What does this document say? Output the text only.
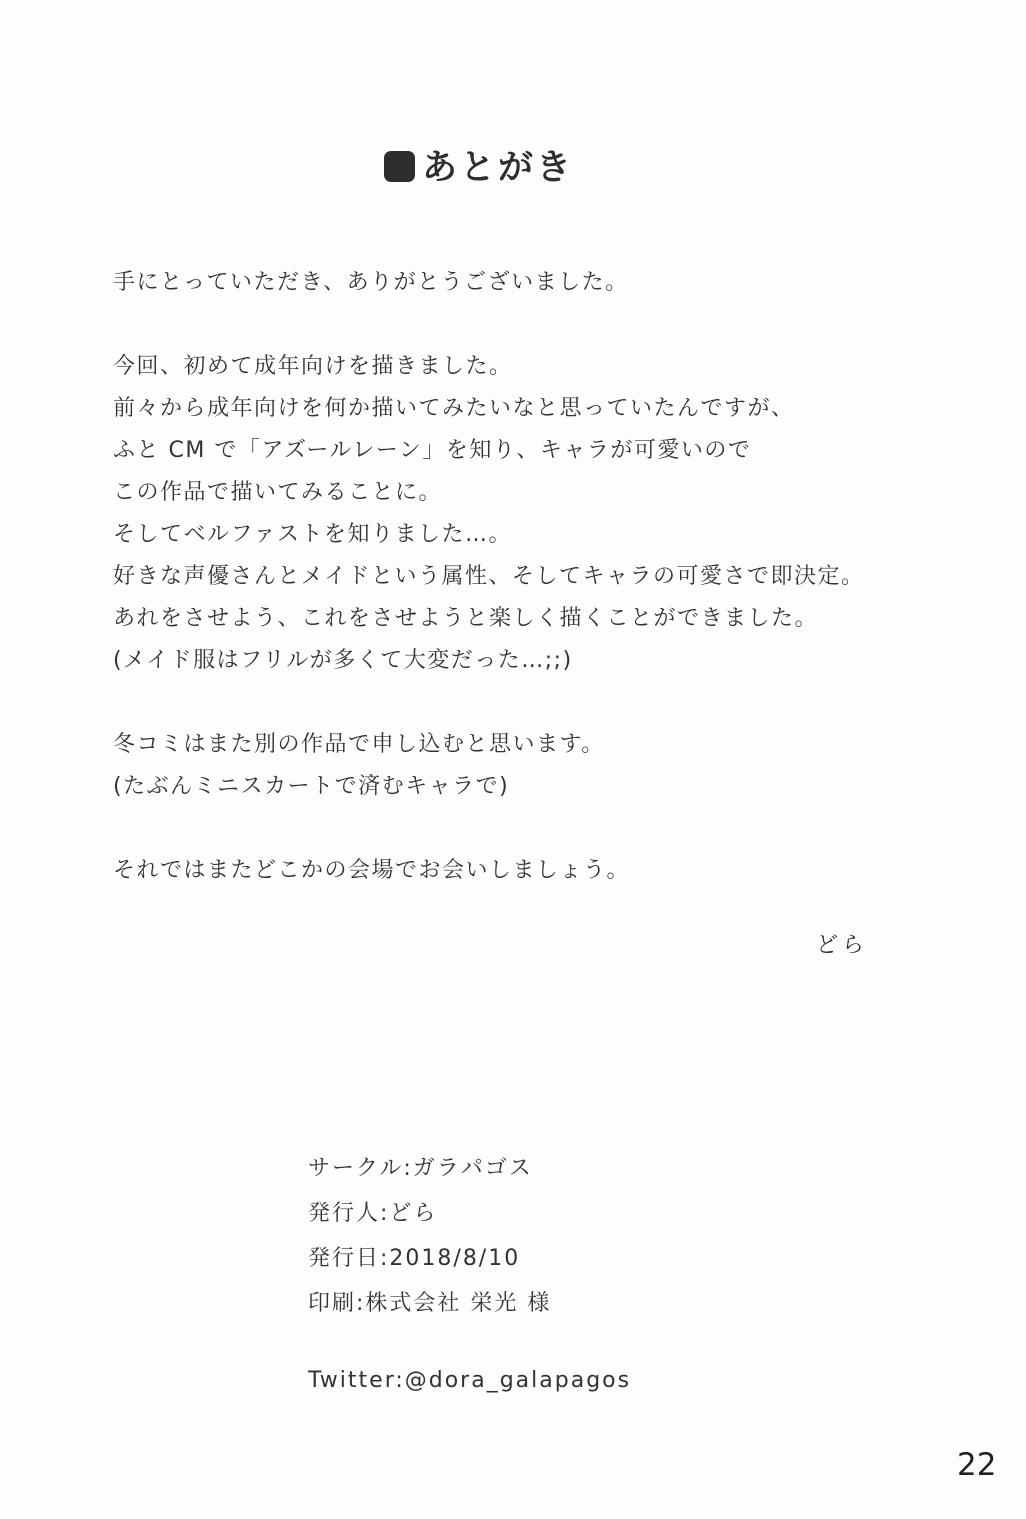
あとがき

手にとっていただき、ありがとうございました。

今回、初めて成年向けを描きました。
前々から成年向けを何か描いてみたいなと思っていたんですが、
ふと CM で「アズールレーン」を知り、キャラが可愛いので
この作品で描いてみることに。
そしてベルファストを知りました…。
好きな声優さんとメイドという属性、そしてキャラの可愛さで即決定。
あれをさせよう、これをさせようと楽しく描くことができました。
(メイド服はフリルが多くて大変だった…;;)

冬コミはまた別の作品で申し込むと思います。
(たぶんミニスカートで済むキャラで)

それではまたどこかの会場でお会いしましょう。

どら
サークル:ガラパゴス
発行人:どら
発行日:2018/8/10
印刷:株式会社 栄光 様
Twitter:@dora_galapagos
22
